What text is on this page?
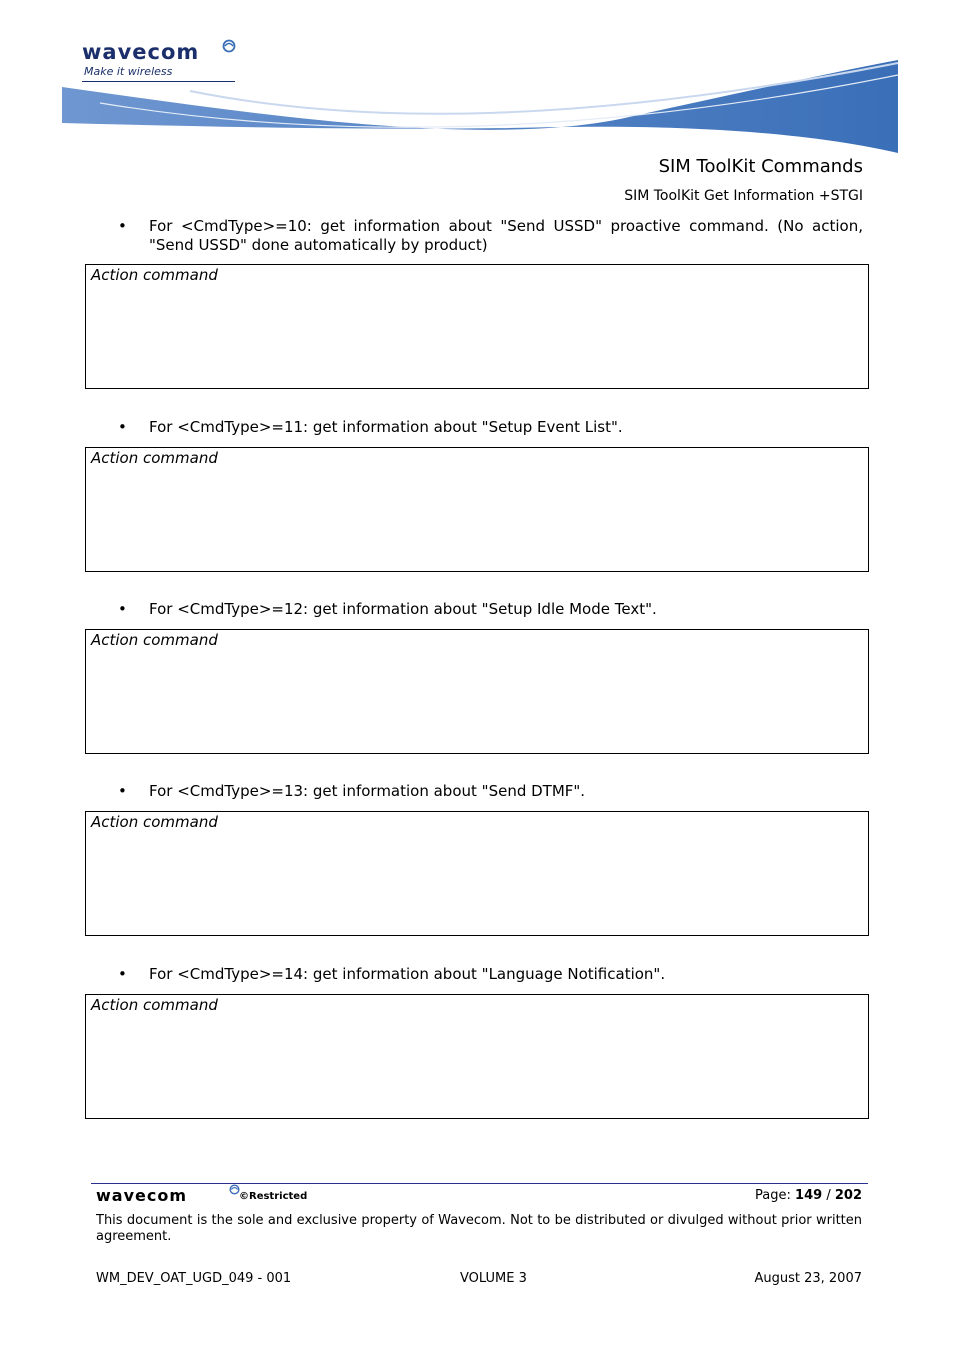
wavecom
Make it wireless
SIM ToolKit Commands
SIM ToolKit Get Information +STGI
• For <CmdType>=10: get information about "Send USSD" proactive command. (No action, "Send USSD" done automatically by product)
Action command
• For <CmdType>=11: get information about "Setup Event List".
Action command
• For <CmdType>=12: get information about "Setup Idle Mode Text".
Action command
• For <CmdType>=13: get information about "Send DTMF".
Action command
• For <CmdType>=14: get information about "Language Notification".
Action command
wavecom	©Restricted	Page: 149 / 202
This document is the sole and exclusive property of Wavecom. Not to be distributed or divulged without prior written agreement.
WM_DEV_OAT_UGD_049 - 001	VOLUME 3	August 23, 2007
